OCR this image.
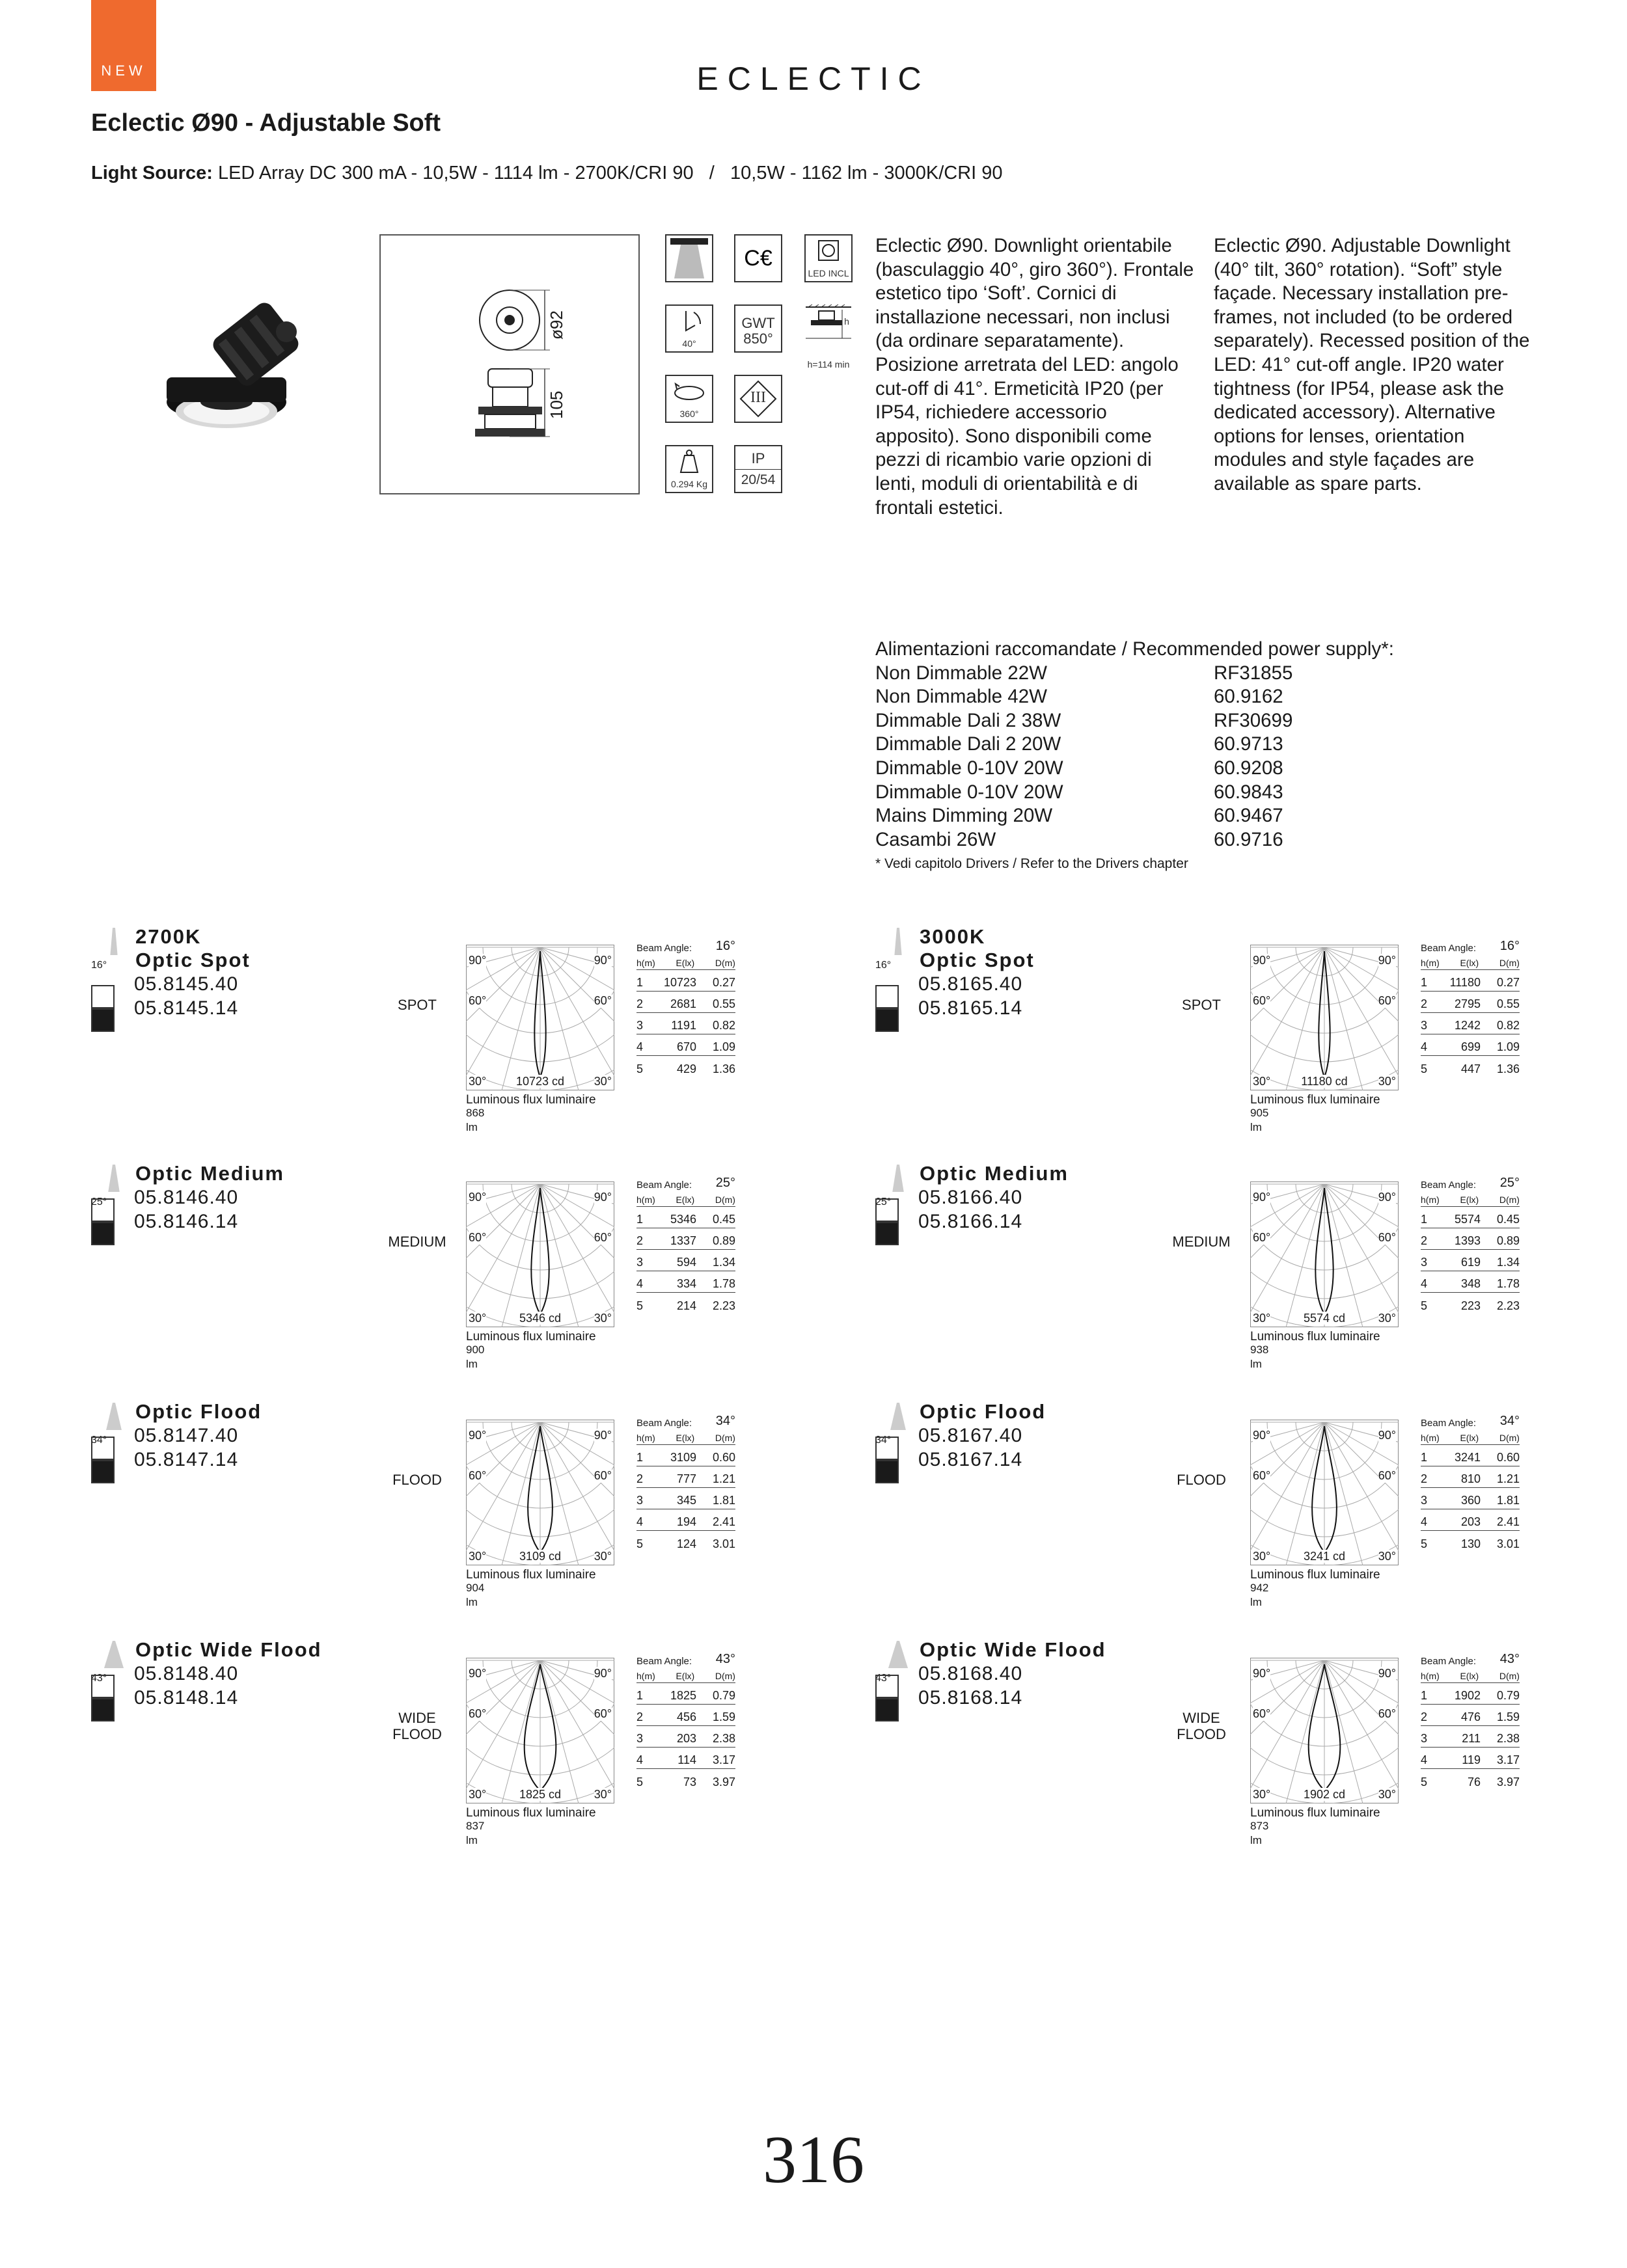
NEW	ECLECTIC
Eclectic Ø90 - Adjustable Soft
Light Source: LED Array DC 300 mA - 10,5W - 1114 lm - 2700K/CRI 90   /   10,5W - 1162 lm - 3000K/CRI 90
ø92
105
C€
LED INCL
40°
GWT
850°
h
h=114 min
360°
III
0.294 Kg
IP
20/54
Eclectic Ø90. Downlight orientabile (basculaggio 40°, giro 360°). Frontale estetico tipo ‘Soft’. Cornici di installazione necessari, non inclusi (da ordinare separatamente). Posizione arretrata del LED: angolo cut-off di 41°. Ermeticità IP20 (per IP54, richiedere accessorio apposito). Sono disponibili come pezzi di ricambio varie opzioni di lenti, moduli di orientabilità e di frontali estetici.
Eclectic Ø90. Adjustable Downlight (40° tilt, 360° rotation). “Soft” style façade. Necessary installation pre-frames, not included (to be ordered separately). Recessed position of the LED: 41° cut-off angle. IP20 water tightness (for IP54, please ask the dedicated accessory). Alternative options for lenses, orientation modules and style façades are available as spare parts.
Alimentazioni raccomandate / Recommended power supply*:
Non Dimmable 22W	RF31855
Non Dimmable 42W	60.9162
Dimmable Dali 2 38W	RF30699
Dimmable Dali 2 20W	60.9713
Dimmable 0-10V 20W	60.9208
Dimmable 0-10V 20W	60.9843
Mains Dimming 20W	60.9467
Casambi 26W	60.9716
* Vedi capitolo Drivers / Refer to the Drivers chapter
2700K
Optic Spot
05.8145.40
05.8145.14
16°
SPOT
90°	90°
60°	60°
30°	30°
10723 cd
Luminous flux luminaire
868 lm
Beam Angle: 16°
h(m) E(lx) D(m)
1	10723	0.27
2	2681	0.55
3	1191	0.82
4	670	1.09
5	429	1.36
Optic Medium
05.8146.40
05.8146.14
25°
MEDIUM
90°	90°
60°	60°
30°	30°
5346 cd
Luminous flux luminaire
900 lm
Beam Angle: 25°
h(m) E(lx) D(m)
1	5346	0.45
2	1337	0.89
3	594	1.34
4	334	1.78
5	214	2.23
Optic Flood
05.8147.40
05.8147.14
34°
FLOOD
90°	90°
60°	60°
30°	30°
3109 cd
Luminous flux luminaire
904 lm
Beam Angle: 34°
h(m) E(lx) D(m)
1	3109	0.60
2	777	1.21
3	345	1.81
4	194	2.41
5	124	3.01
Optic Wide Flood
05.8148.40
05.8148.14
43°
WIDE
FLOOD
90°	90°
60°	60°
30°	30°
1825 cd
Luminous flux luminaire
837 lm
Beam Angle: 43°
h(m) E(lx) D(m)
1	1825	0.79
2	456	1.59
3	203	2.38
4	114	3.17
5	73	3.97
3000K
Optic Spot
05.8165.40
05.8165.14
16°
SPOT
90°	90°
60°	60°
30°	30°
11180 cd
Luminous flux luminaire
905 lm
Beam Angle: 16°
h(m) E(lx) D(m)
1	11180	0.27
2	2795	0.55
3	1242	0.82
4	699	1.09
5	447	1.36
Optic Medium
05.8166.40
05.8166.14
25°
MEDIUM
90°	90°
60°	60°
30°	30°
5574 cd
Luminous flux luminaire
938 lm
Beam Angle: 25°
h(m) E(lx) D(m)
1	5574	0.45
2	1393	0.89
3	619	1.34
4	348	1.78
5	223	2.23
Optic Flood
05.8167.40
05.8167.14
34°
FLOOD
90°	90°
60°	60°
30°	30°
3241 cd
Luminous flux luminaire
942 lm
Beam Angle: 34°
h(m) E(lx) D(m)
1	3241	0.60
2	810	1.21
3	360	1.81
4	203	2.41
5	130	3.01
Optic Wide Flood
05.8168.40
05.8168.14
43°
WIDE
FLOOD
90°	90°
60°	60°
30°	30°
1902 cd
Luminous flux luminaire
873 lm
Beam Angle: 43°
h(m) E(lx) D(m)
1	1902	0.79
2	476	1.59
3	211	2.38
4	119	3.17
5	76	3.97
316
